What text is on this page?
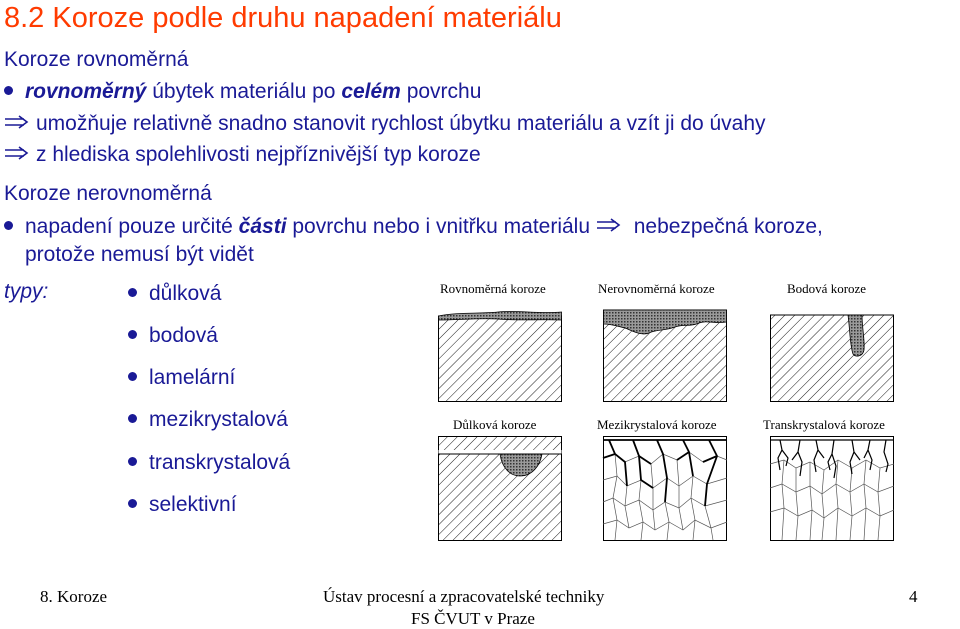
8.2 Koroze podle druhu napadení materiálu
Koroze rovnoměrná
rovnoměrný úbytek materiálu po celém povrchu
umožňuje relativně snadno stanovit rychlost úbytku materiálu a vzít ji do úvahy
z hlediska spolehlivosti nejpříznivější typ koroze
Koroze nerovnoměrná
napadení pouze určité části povrchu nebo i vnitřku materiálu  nebezpečná koroze,
protože nemusí být vidět
typy:	důlková
bodová
lamelární
mezikrystalová
transkrystalová
selektivní
Rovnoměrná koroze	Nerovnoměrná koroze	Bodová koroze
Důlková koroze	Mezikrystalová koroze	Transkrystalová koroze
8. Koroze	Ústav procesní a zpracovatelské techniky
FS ČVUT v Praze
4
